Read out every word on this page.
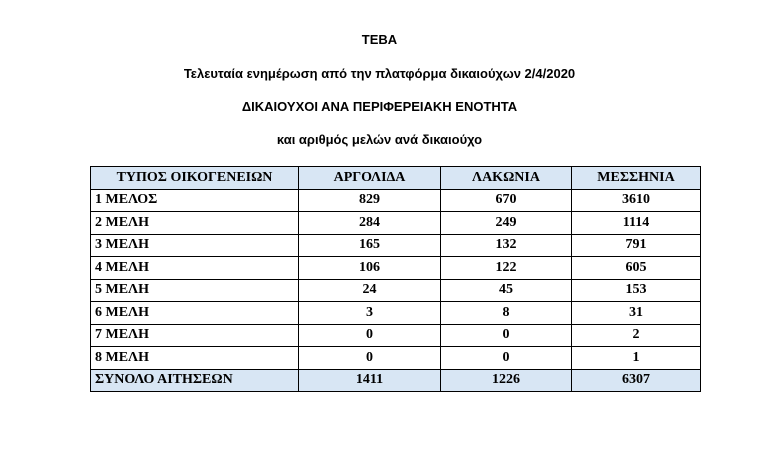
ΤΕΒΑ
Τελευταία ενημέρωση από την πλατφόρμα δικαιούχων 2/4/2020
ΔΙΚΑΙΟΥΧΟΙ ΑΝΑ ΠΕΡΙΦΕΡΕΙΑΚΗ ΕΝΟΤΗΤΑ
και αριθμός μελών ανά δικαιούχο
ΤΥΠΟΣ ΟΙΚΟΓΕΝΕΙΩΝ	ΑΡΓΟΛΙΔΑ	ΛΑΚΩΝΙΑ	ΜΕΣΣΗΝΙΑ
1 ΜΕΛΟΣ	829	670	3610
2 ΜΕΛΗ	284	249	1114
3 ΜΕΛΗ	165	132	791
4 ΜΕΛΗ	106	122	605
5 ΜΕΛΗ	24	45	153
6 ΜΕΛΗ	3	8	31
7 ΜΕΛΗ	0	0	2
8 ΜΕΛΗ	0	0	1
ΣΥΝΟΛΟ ΑΙΤΗΣΕΩΝ	1411	1226	6307
